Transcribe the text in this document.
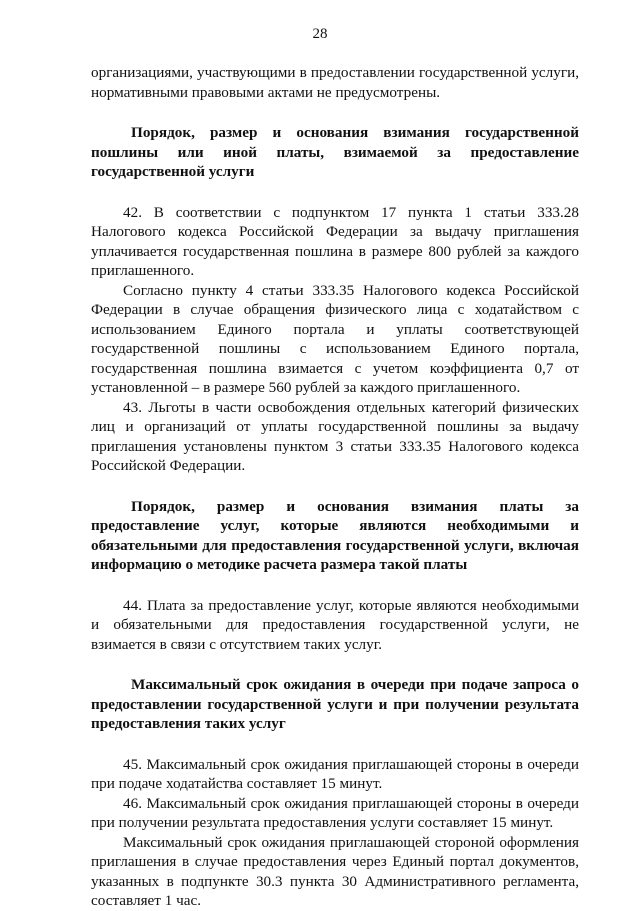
28

организациями, участвующими в предоставлении государственной услуги, нормативными правовыми актами не предусмотрены.

Порядок, размер и основания взимания государственной пошлины или иной платы, взимаемой за предоставление государственной услуги

42. В соответствии с подпунктом 17 пункта 1 статьи 333.28 Налогового кодекса Российской Федерации за выдачу приглашения уплачивается государственная пошлина в размере 800 рублей за каждого приглашенного.

Согласно пункту 4 статьи 333.35 Налогового кодекса Российской Федерации в случае обращения физического лица с ходатайством с использованием Единого портала и уплаты соответствующей государственной пошлины с использованием Единого портала, государственная пошлина взимается с учетом коэффициента 0,7 от установленной – в размере 560 рублей за каждого приглашенного.

43. Льготы в части освобождения отдельных категорий физических лиц и организаций от уплаты государственной пошлины за выдачу приглашения установлены пунктом 3 статьи 333.35 Налогового кодекса Российской Федерации.

Порядок, размер и основания взимания платы за предоставление услуг, которые являются необходимыми и обязательными для предоставления государственной услуги, включая информацию о методике расчета размера такой платы

44. Плата за предоставление услуг, которые являются необходимыми и обязательными для предоставления государственной услуги, не взимается в связи с отсутствием таких услуг.

Максимальный срок ожидания в очереди при подаче запроса о предоставлении государственной услуги и при получении результата предоставления таких услуг

45. Максимальный срок ожидания приглашающей стороны в очереди при подаче ходатайства составляет 15 минут.

46. Максимальный срок ожидания приглашающей стороны в очереди при получении результата предоставления услуги составляет 15 минут.

Максимальный срок ожидания приглашающей стороной оформления приглашения в случае предоставления через Единый портал документов, указанных в подпункте 30.3 пункта 30 Административного регламента, составляет 1 час.
